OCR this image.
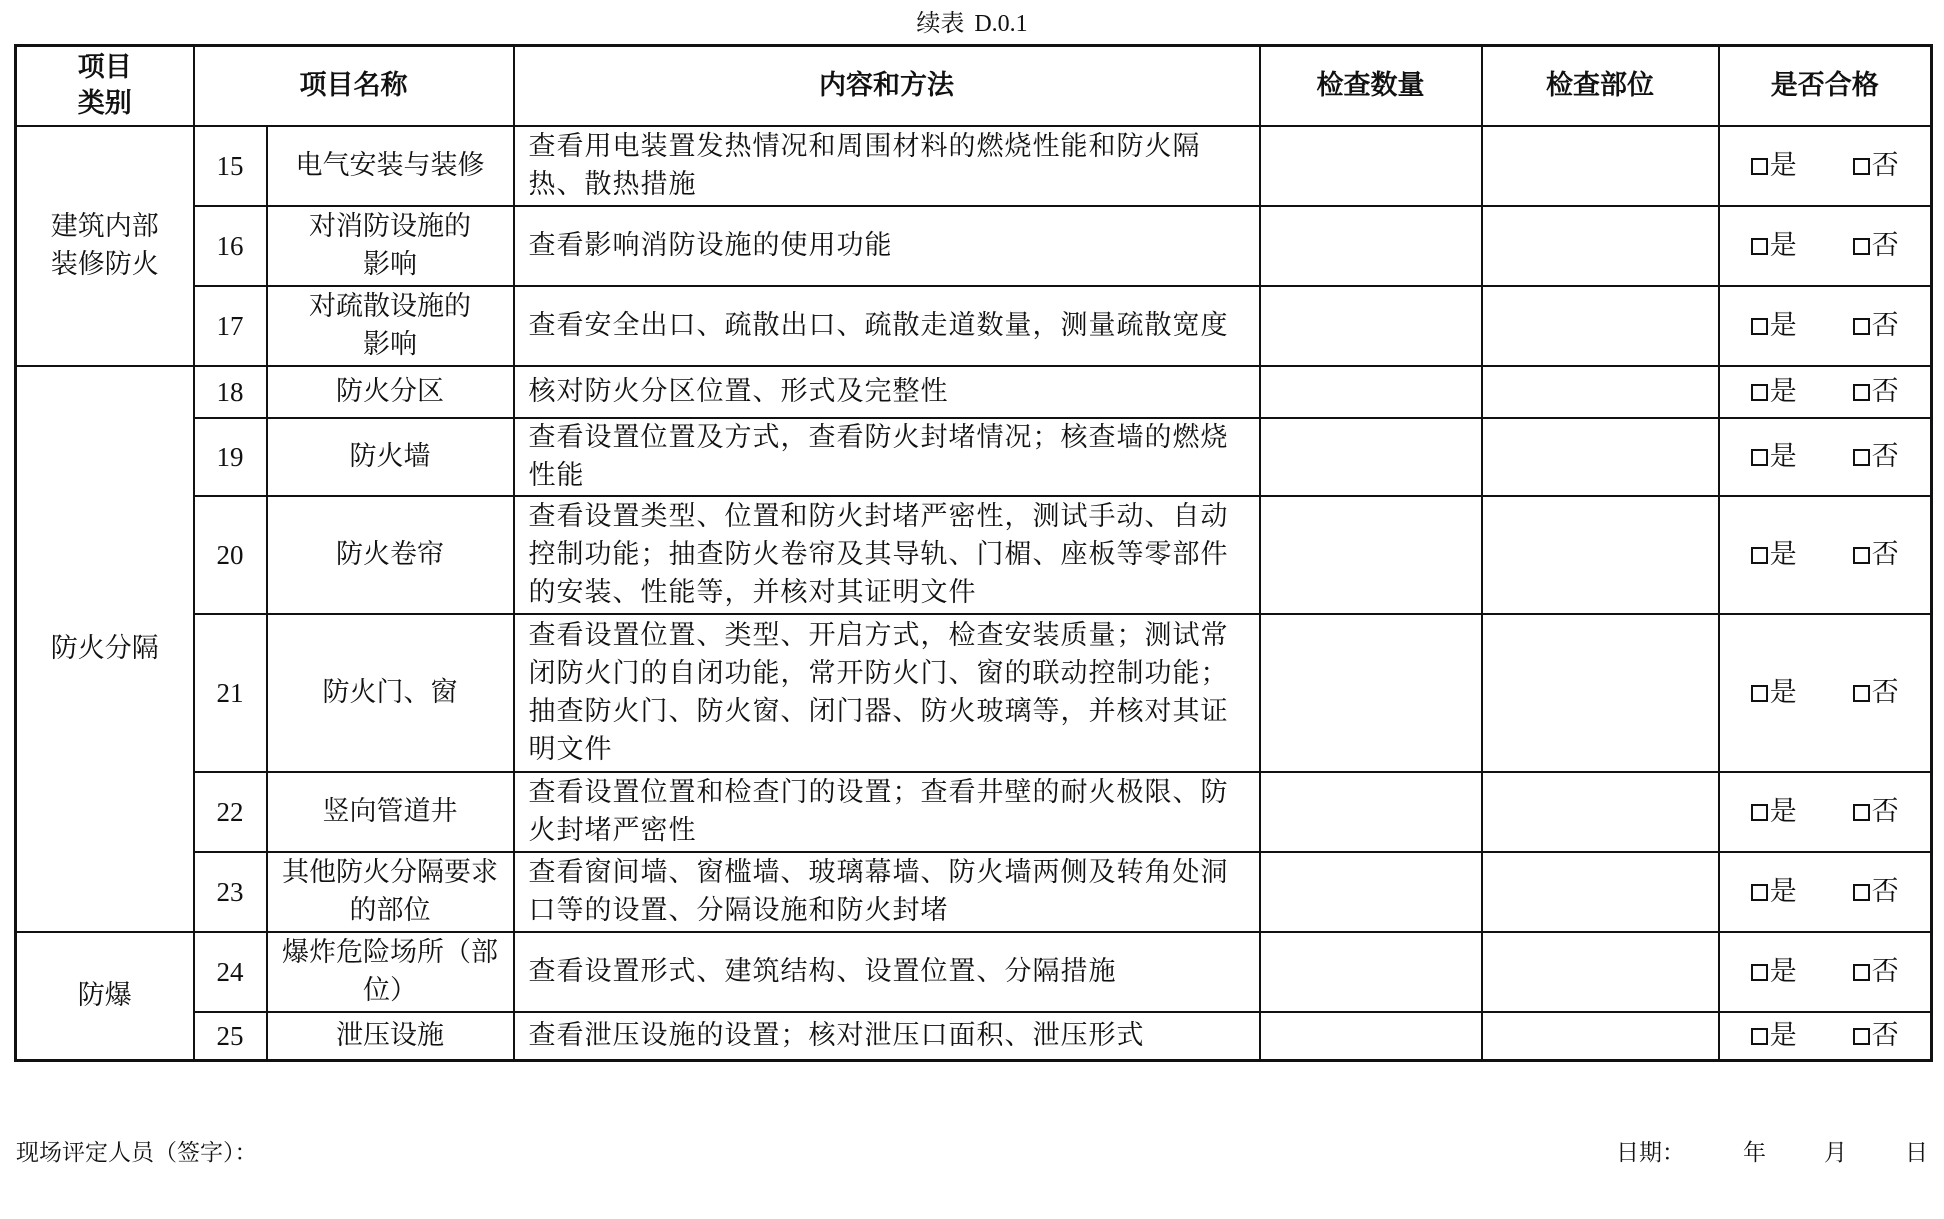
续表 D.0.1
项目
类别	项目名称		内容和方法	检查数量	检查部位	是否合格
建筑内部
装修防火	15	电气安装与装修	查看用电装置发热情况和周围材料的燃烧性能和防火隔热、散热措施			是 否
	16	对消防设施的影响	查看影响消防设施的使用功能			是 否
	17	对疏散设施的影响	查看安全出口、疏散出口、疏散走道数量，测量疏散宽度			是 否
防火分隔	18	防火分区	核对防火分区位置、形式及完整性			是 否
	19	防火墙	查看设置位置及方式，查看防火封堵情况；核查墙的燃烧性能			是 否
	20	防火卷帘	查看设置类型、位置和防火封堵严密性，测试手动、自动控制功能；抽查防火卷帘及其导轨、门楣、座板等零部件的安装、性能等，并核对其证明文件			是 否
	21	防火门、窗	查看设置位置、类型、开启方式，检查安装质量；测试常闭防火门的自闭功能，常开防火门、窗的联动控制功能；抽查防火门、防火窗、闭门器、防火玻璃等，并核对其证明文件			是 否
	22	竖向管道井	查看设置位置和检查门的设置；查看井壁的耐火极限、防火封堵严密性			是 否
	23	其他防火分隔要求的部位	查看窗间墙、窗槛墙、玻璃幕墙、防火墙两侧及转角处洞口等的设置、分隔设施和防火封堵			是 否
防爆	24	爆炸危险场所（部位）	查看设置形式、建筑结构、设置位置、分隔措施			是 否
	25	泄压设施	查看泄压设施的设置；核对泄压口面积、泄压形式			是 否
现场评定人员（签字）：	日期：	年	月	日
